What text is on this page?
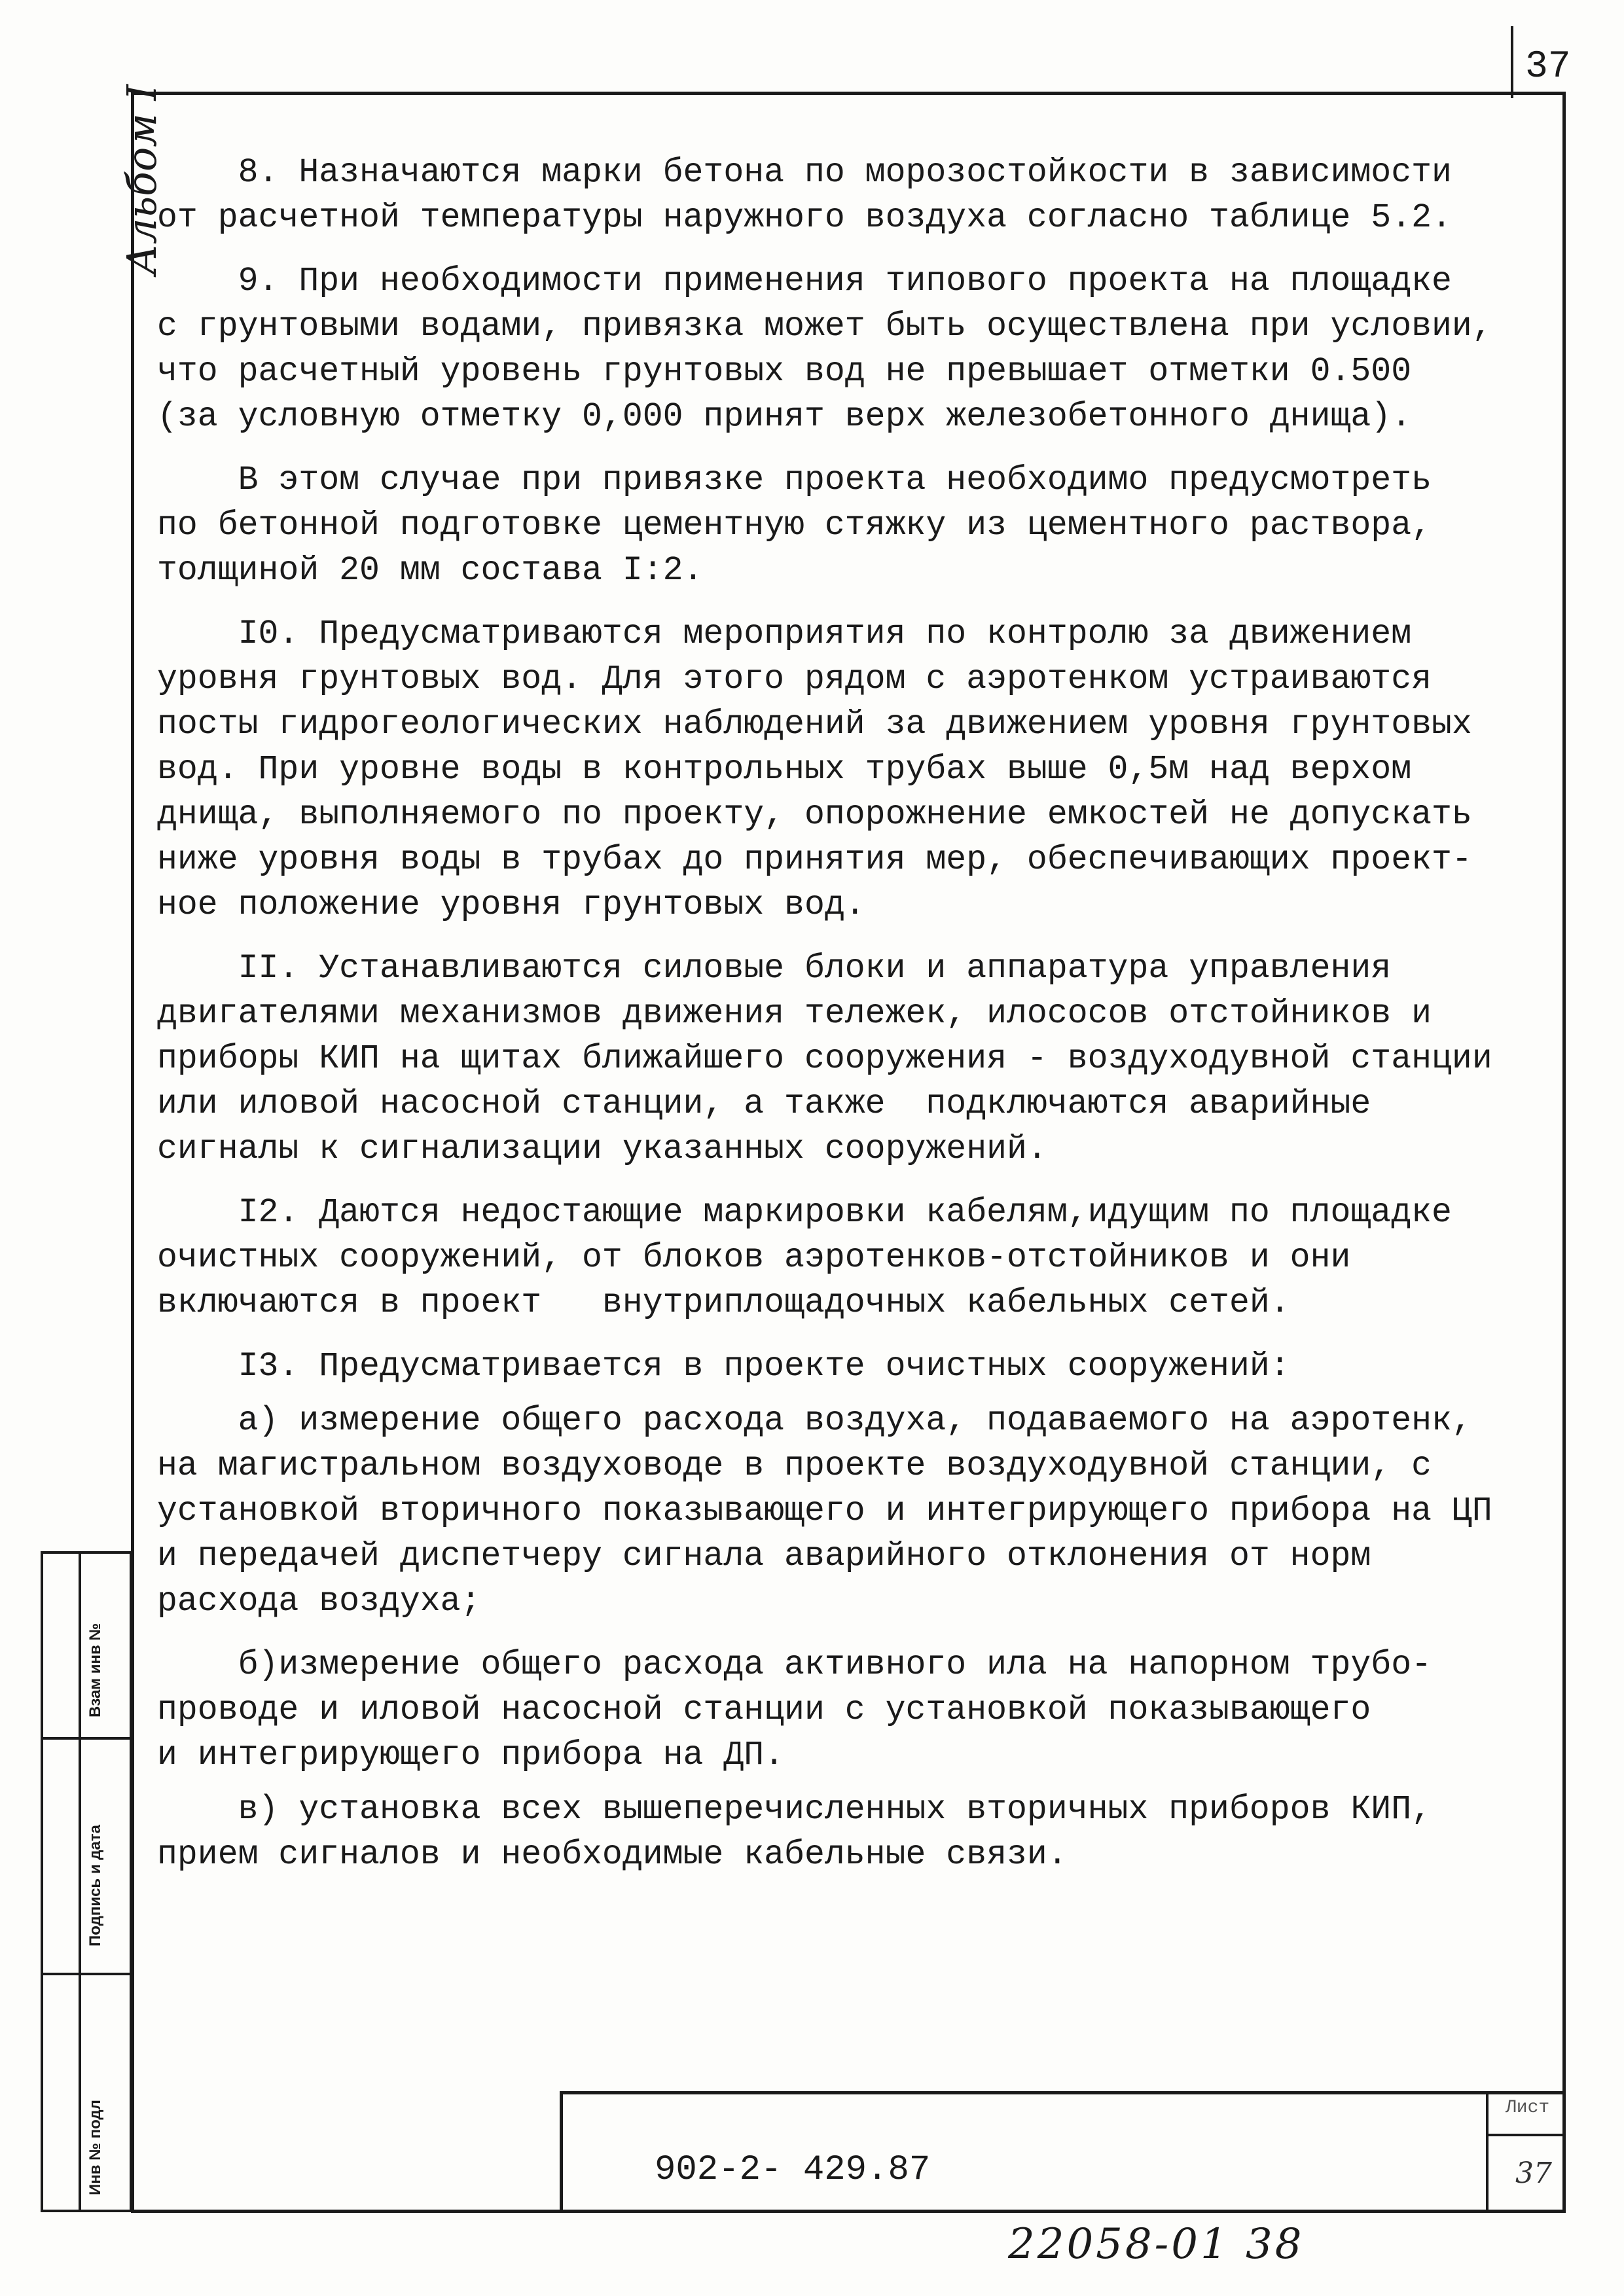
37
Альбом I
Взам инв №
Подпись и дата
Инв № подл
8. Назначаются марки бетона по морозостойкости в зависимости
от расчетной температуры наружного воздуха согласно таблице 5.2.
9. При необходимости применения типового проекта на площадке
с грунтовыми водами, привязка может быть осуществлена при условии,
что расчетный уровень грунтовых вод не превышает отметки 0.500
(за условную отметку 0,000 принят верх железобетонного днища).
В этом случае при привязке проекта необходимо предусмотреть
по бетонной подготовке цементную стяжку из цементного раствора,
толщиной 20 мм состава I:2.
I0. Предусматриваются мероприятия по контролю за движением
уровня грунтовых вод. Для этого рядом с аэротенком устраиваются
посты гидрогеологических наблюдений за движением уровня грунтовых
вод. При уровне воды в контрольных трубах выше 0,5м над верхом
днища, выполняемого по проекту, опорожнение емкостей не допускать
ниже уровня воды в трубах до принятия мер, обеспечивающих проект-
ное положение уровня грунтовых вод.
II. Устанавливаются силовые блоки и аппаратура управления
двигателями механизмов движения тележек, илососов отстойников и
приборы КИП на щитах ближайшего сооружения - воздуходувной станции
или иловой насосной станции, а также  подключаются аварийные
сигналы к сигнализации указанных сооружений.
I2. Даются недостающие маркировки кабелям,идущим по площадке
очистных сооружений, от блоков аэротенков-отстойников и они
включаются в проект   внутриплощадочных кабельных сетей.
I3. Предусматривается в проекте очистных сооружений:
а) измерение общего расхода воздуха, подаваемого на аэротенк,
на магистральном воздуховоде в проекте воздуходувной станции, с
установкой вторичного показывающего и интегрирующего прибора на ЦП
и передачей диспетчеру сигнала аварийного отклонения от норм
расхода воздуха;
б)измерение общего расхода активного ила на напорном трубо-
проводе и иловой насосной станции с установкой показывающего
и интегрирующего прибора на ДП.
в) установка всех вышеперечисленных вторичных приборов КИП,
прием сигналов и необходимые кабельные связи.
902-2- 429.87
Лист
37
22058-01 38
